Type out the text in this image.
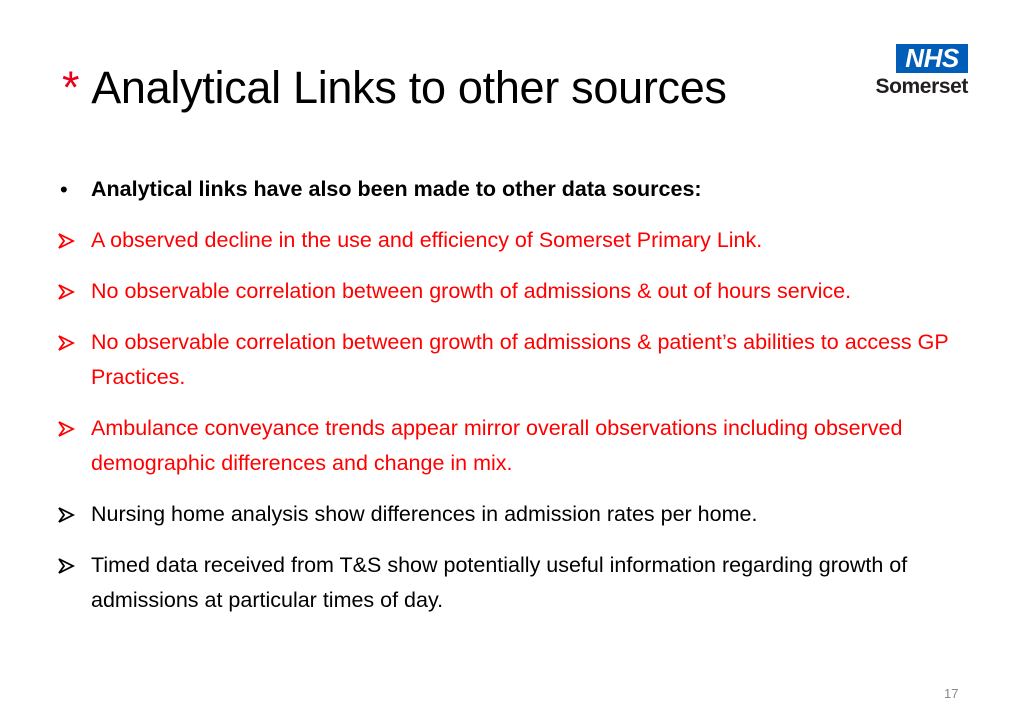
* Analytical Links to other sources
NHS
Somerset
• Analytical links have also been made to other data sources:
A observed decline in the use and efficiency of Somerset Primary Link.
No observable correlation between growth of admissions & out of hours service.
No observable correlation between growth of admissions & patient’s abilities to access GP Practices.
Ambulance conveyance trends appear mirror overall observations including observed demographic differences and change in mix.
Nursing home analysis show differences in admission rates per home.
Timed data received from T&S show potentially useful information regarding growth of admissions at particular times of day.
17
